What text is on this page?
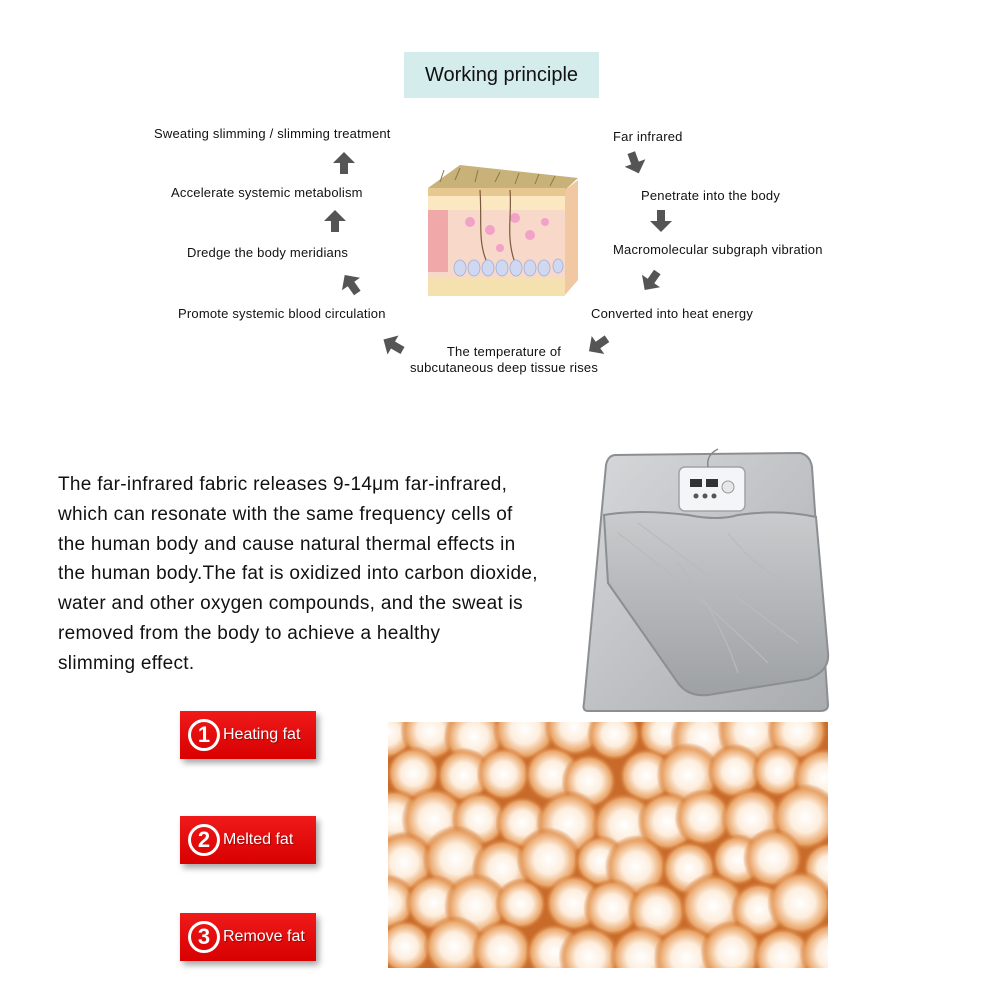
Working principle
Sweating slimming / slimming treatment
Accelerate systemic metabolism
Dredge the body meridians
Promote systemic blood circulation
Far infrared
Penetrate into the body
Macromolecular subgraph vibration
Converted into heat energy
The temperature of
subcutaneous deep tissue rises
The far-infrared fabric releases 9-14μm far-infrared,
which can resonate with the same frequency cells of
the human body and cause natural thermal effects in
the human body.The fat is oxidized into carbon dioxide,
water and other oxygen compounds, and the sweat is
removed from the body to achieve a healthy
slimming effect.
1 Heating fat
2 Melted fat
3 Remove fat
